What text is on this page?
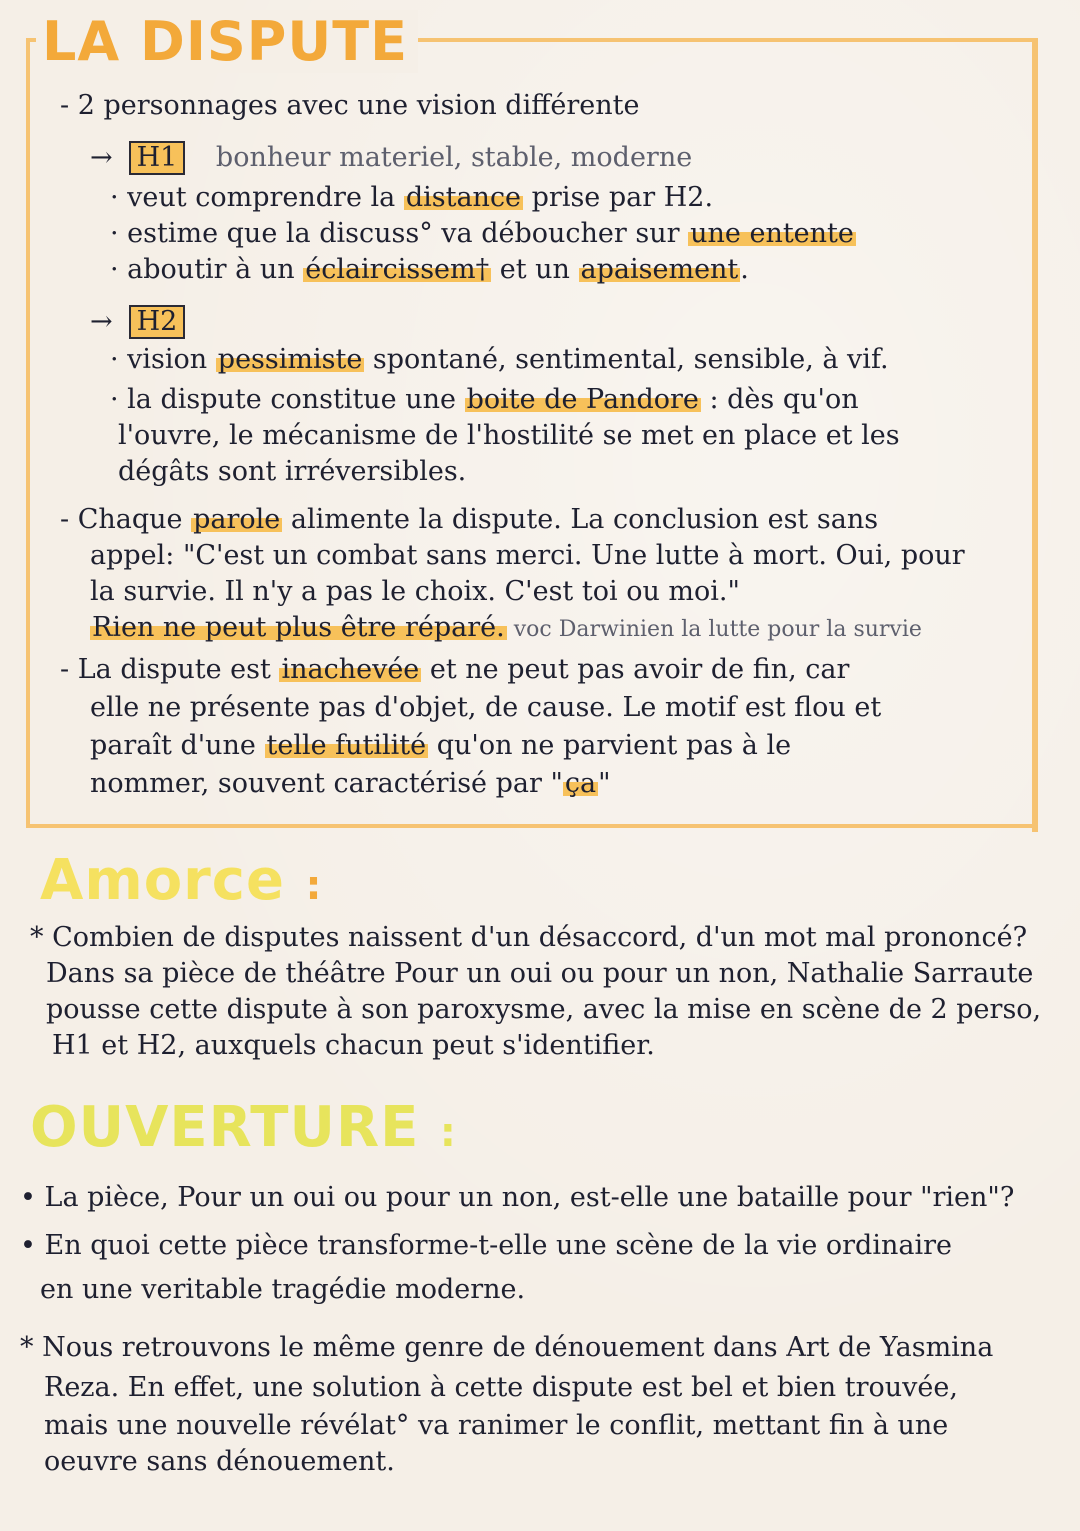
LA DISPUTE
- 2 personnages avec une vision différente
→ H1 bonheur materiel, stable, moderne
· veut comprendre la distance prise par H2.
· estime que la discuss° va déboucher sur une entente
· aboutir à un éclaircissem† et un apaisement.
→ H2
· vision pessimiste spontané, sentimental, sensible, à vif.
· la dispute constitue une boite de Pandore : dès qu'on
l'ouvre, le mécanisme de l'hostilité se met en place et les
dégâts sont irréversibles.
- Chaque parole alimente la dispute. La conclusion est sans
appel: "C'est un combat sans merci. Une lutte à mort. Oui, pour
la survie. Il n'y a pas le choix. C'est toi ou moi."
Rien ne peut plus être réparé. voc Darwinien la lutte pour la survie
- La dispute est inachevée et ne peut pas avoir de fin, car
elle ne présente pas d'objet, de cause. Le motif est flou et
paraît d'une telle futilité qu'on ne parvient pas à le
nommer, souvent caractérisé par "ça"
Amorce :
* Combien de disputes naissent d'un désaccord, d'un mot mal prononcé?
Dans sa pièce de théâtre Pour un oui ou pour un non, Nathalie Sarraute
pousse cette dispute à son paroxysme, avec la mise en scène de 2 perso,
H1 et H2, auxquels chacun peut s'identifier.
OUVERTURE :
• La pièce, Pour un oui ou pour un non, est-elle une bataille pour "rien"?
• En quoi cette pièce transforme-t-elle une scène de la vie ordinaire
en une veritable tragédie moderne.
* Nous retrouvons le même genre de dénouement dans Art de Yasmina
Reza. En effet, une solution à cette dispute est bel et bien trouvée,
mais une nouvelle révélat° va ranimer le conflit, mettant fin à une
oeuvre sans dénouement.
